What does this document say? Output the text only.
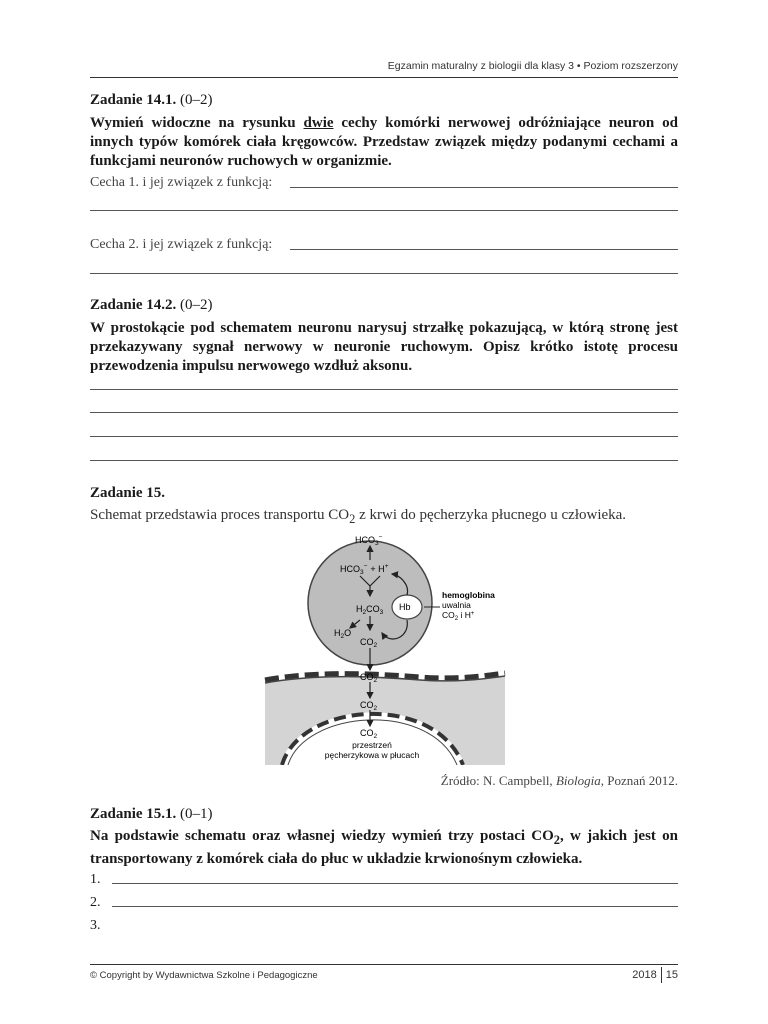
Egzamin maturalny z biologii dla klasy 3 • Poziom rozszerzony
Zadanie 14.1. (0–2)
Wymień widoczne na rysunku dwie cechy komórki nerwowej odróżniające neuron od innych typów komórek ciała kręgowców. Przedstaw związek między podanymi cechami a funkcjami neuronów ruchowych w organizmie.
Cecha 1. i jej związek z funkcją:
Cecha 2. i jej związek z funkcją:
Zadanie 14.2. (0–2)
W prostokącie pod schematem neuronu narysuj strzałkę pokazującą, w którą stronę jest przekazywany sygnał nerwowy w neuronie ruchowym. Opisz krótko istotę procesu przewodzenia impulsu nerwowego wzdłuż aksonu.
Zadanie 15.
Schemat przedstawia proces transportu $CO_2$ z krwi do pęcherzyka płucnego u człowieka.
$HCO_3^-$
$HCO_3^- + H^+$
$H_2CO_3$
$H_2O$
$CO_2$
Hb
hemoglobina
uwalnia
$CO_2$ i H+
$CO_2$
$CO_2$
$CO_2$
przestrzeń
pęcherzykowa w płucach
Źródło: N. Campbell, Biologia, Poznań 2012.
Zadanie 15.1. (0–1)
Na podstawie schematu oraz własnej wiedzy wymień trzy postaci $CO_2$, w jakich jest on transportowany z komórek ciała do płuc w układzie krwionośnym człowieka.
1.
2.
3.
© Copyright by Wydawnictwa Szkolne i Pedagogiczne	2018 15
